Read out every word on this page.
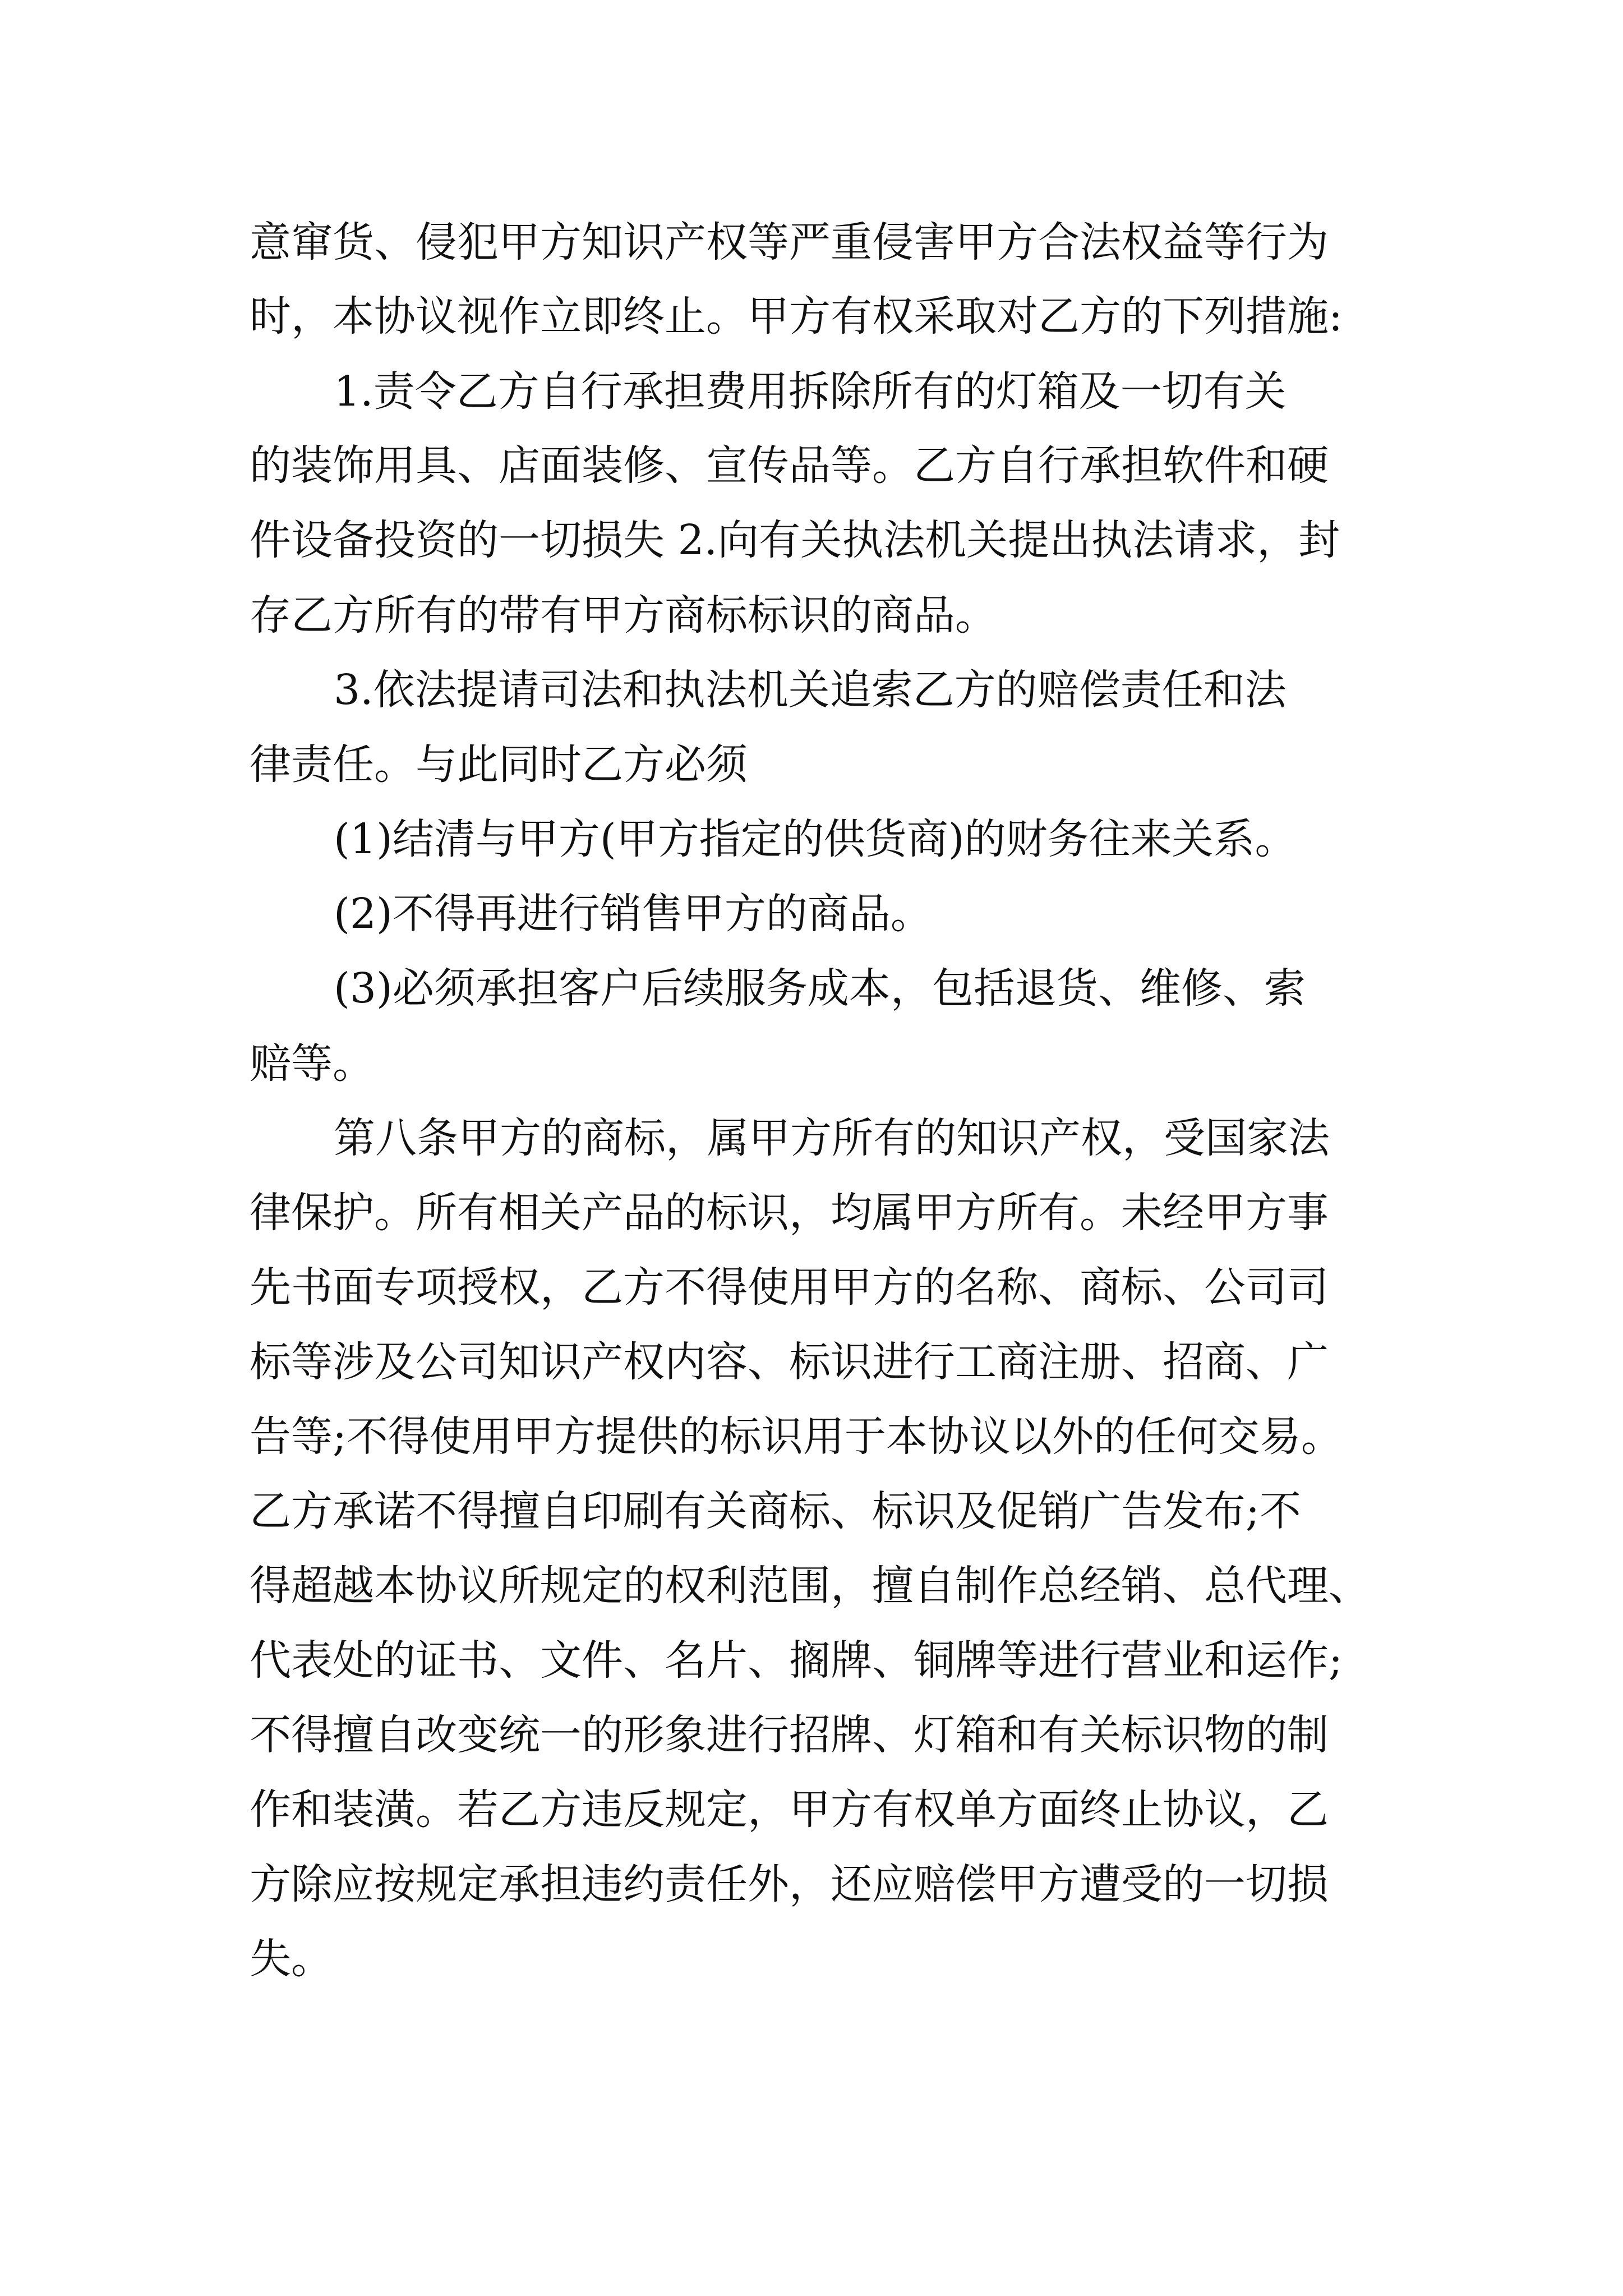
意窜货、侵犯甲方知识产权等严重侵害甲方合法权益等行为

时，本协议视作立即终止。甲方有权采取对乙方的下列措施:

1.责令乙方自行承担费用拆除所有的灯箱及一切有关

的装饰用具、店面装修、宣传品等。乙方自行承担软件和硬

件设备投资的一切损失 2.向有关执法机关提出执法请求，封

存乙方所有的带有甲方商标标识的商品。

3.依法提请司法和执法机关追索乙方的赔偿责任和法

律责任。与此同时乙方必须

(1)结清与甲方(甲方指定的供货商)的财务往来关系。

(2)不得再进行销售甲方的商品。

(3)必须承担客户后续服务成本，包括退货、维修、索

赔等。

第八条甲方的商标，属甲方所有的知识产权，受国家法

律保护。所有相关产品的标识，均属甲方所有。未经甲方事

先书面专项授权，乙方不得使用甲方的名称、商标、公司司

标等涉及公司知识产权内容、标识进行工商注册、招商、广

告等;不得使用甲方提供的标识用于本协议以外的任何交易。

乙方承诺不得擅自印刷有关商标、标识及促销广告发布;不

得超越本协议所规定的权利范围，擅自制作总经销、总代理、

代表处的证书、文件、名片、搁牌、铜牌等进行营业和运作;

不得擅自改变统一的形象进行招牌、灯箱和有关标识物的制

作和装潢。若乙方违反规定，甲方有权单方面终止协议，乙

方除应按规定承担违约责任外，还应赔偿甲方遭受的一切损

失。
